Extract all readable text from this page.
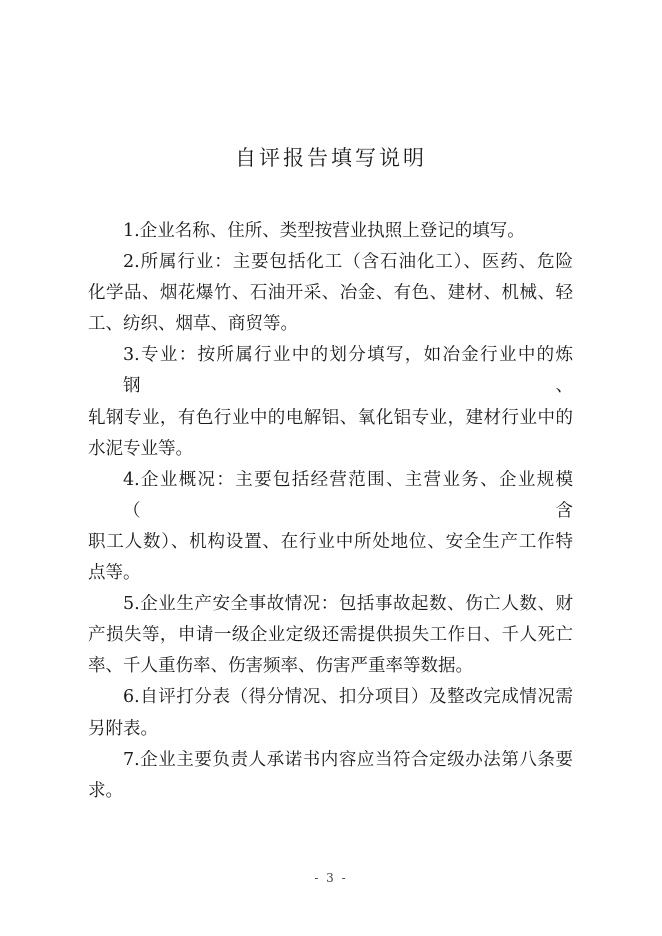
自评报告填写说明
1.企业名称、住所、类型按营业执照上登记的填写。
2.所属行业：主要包括化工（含石油化工）、医药、危险
化学品、烟花爆竹、石油开采、冶金、有色、建材、机械、轻
工、纺织、烟草、商贸等。
3.专业：按所属行业中的划分填写，如冶金行业中的炼钢、
轧钢专业，有色行业中的电解铝、氧化铝专业，建材行业中的
水泥专业等。
4.企业概况：主要包括经营范围、主营业务、企业规模（含
职工人数）、机构设置、在行业中所处地位、安全生产工作特
点等。
5.企业生产安全事故情况：包括事故起数、伤亡人数、财
产损失等，申请一级企业定级还需提供损失工作日、千人死亡
率、千人重伤率、伤害频率、伤害严重率等数据。
6.自评打分表（得分情况、扣分项目）及整改完成情况需
另附表。
7.企业主要负责人承诺书内容应当符合定级办法第八条要
求。
- 3 -
